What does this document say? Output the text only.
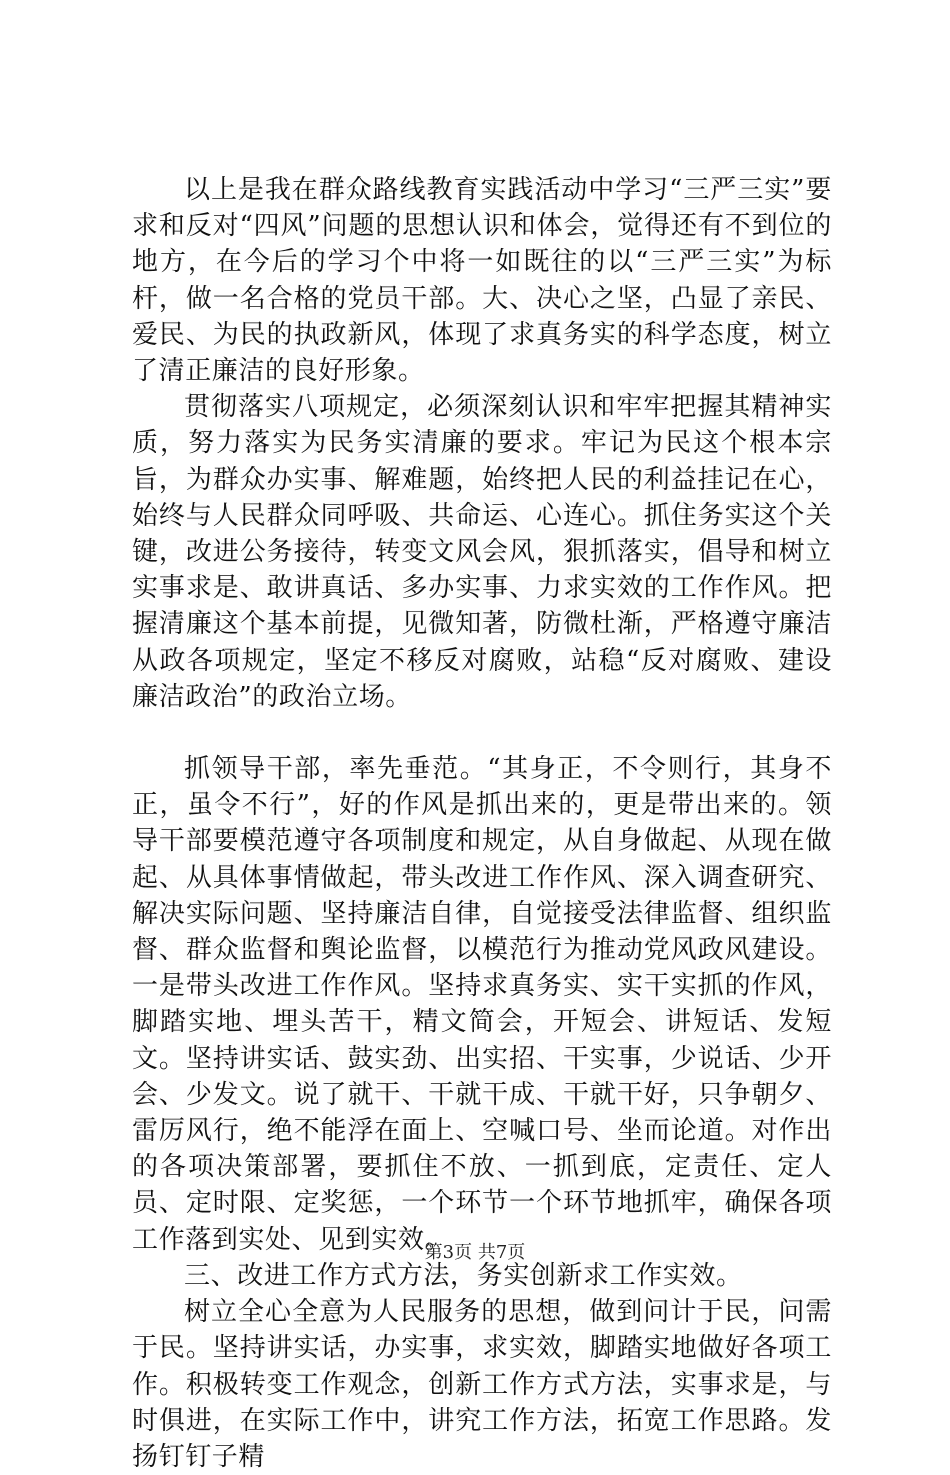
以上是我在群众路线教育实践活动中学习“三严三实”要求和反对“四风”问题的思想认识和体会，觉得还有不到位的地方，在今后的学习个中将一如既往的以“三严三实”为标杆，做一名合格的党员干部。大、决心之坚，凸显了亲民、爱民、为民的执政新风，体现了求真务实的科学态度，树立了清正廉洁的良好形象。

贯彻落实八项规定，必须深刻认识和牢牢把握其精神实质，努力落实为民务实清廉的要求。牢记为民这个根本宗旨，为群众办实事、解难题，始终把人民的利益挂记在心，始终与人民群众同呼吸、共命运、心连心。抓住务实这个关键，改进公务接待，转变文风会风，狠抓落实，倡导和树立实事求是、敢讲真话、多办实事、力求实效的工作作风。把握清廉这个基本前提，见微知著，防微杜渐，严格遵守廉洁从政各项规定，坚定不移反对腐败，站稳“反对腐败、建设廉洁政治”的政治立场。

抓领导干部，率先垂范。“其身正，不令则行，其身不正，虽令不行”，好的作风是抓出来的，更是带出来的。领导干部要模范遵守各项制度和规定，从自身做起、从现在做起、从具体事情做起，带头改进工作作风、深入调查研究、解决实际问题、坚持廉洁自律，自觉接受法律监督、组织监督、群众监督和舆论监督，以模范行为推动党风政风建设。一是带头改进工作作风。坚持求真务实、实干实抓的作风，脚踏实地、埋头苦干，精文简会，开短会、讲短话、发短文。坚持讲实话、鼓实劲、出实招、干实事，少说话、少开会、少发文。说了就干、干就干成、干就干好，只争朝夕、雷厉风行，绝不能浮在面上、空喊口号、坐而论道。对作出的各项决策部署，要抓住不放、一抓到底，定责任、定人员、定时限、定奖惩，一个环节一个环节地抓牢，确保各项工作落到实处、见到实效。

三、改进工作方式方法，务实创新求工作实效。

树立全心全意为人民服务的思想，做到问计于民，问需于民。坚持讲实话，办实事，求实效，脚踏实地做好各项工作。积极转变工作观念，创新工作方式方法，实事求是，与时俱进，在实际工作中，讲究工作方法，拓宽工作思路。发扬钉钉子精

第3页 共7页
